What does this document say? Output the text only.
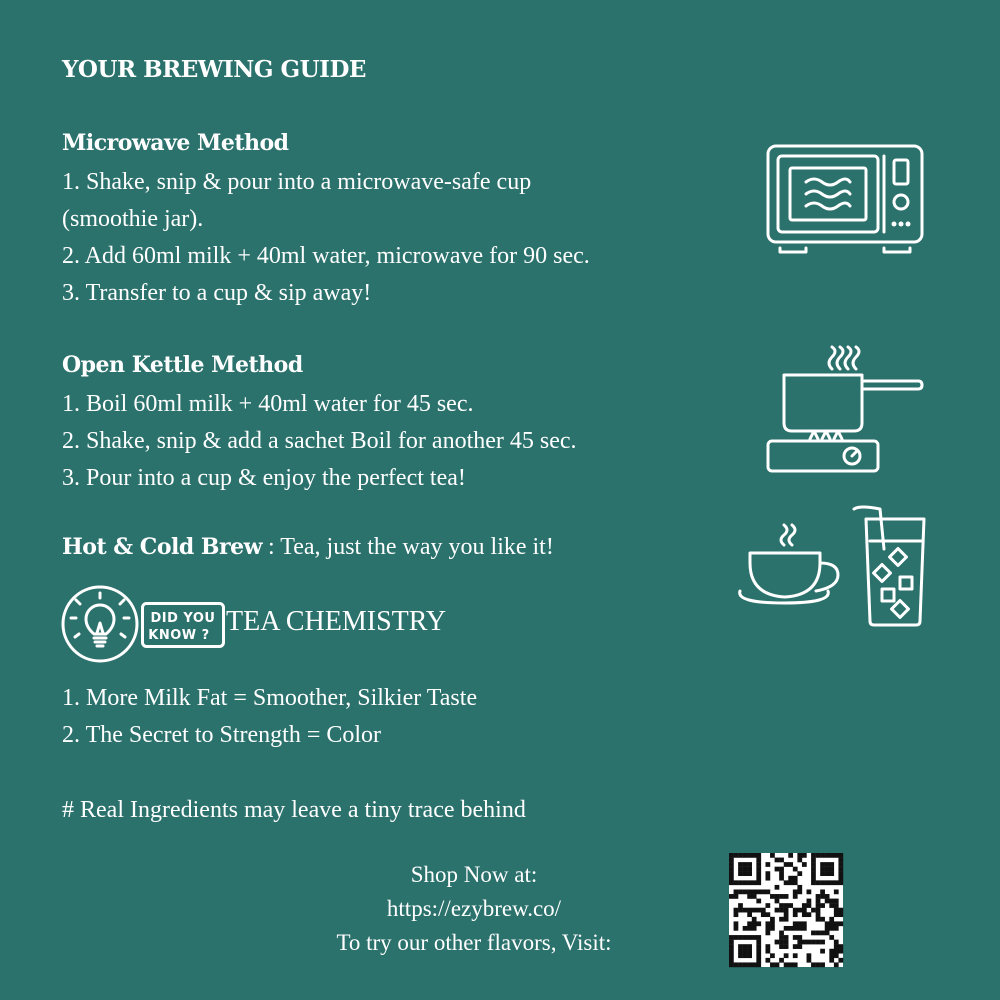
YOUR BREWING GUIDE
Microwave Method
1. Shake, snip & pour into a microwave-safe cup
(smoothie jar).
2. Add 60ml milk + 40ml water, microwave for 90 sec.
3. Transfer to a cup & sip away!
Open Kettle Method
1. Boil 60ml milk + 40ml water for 45 sec.
2. Shake, snip & add a sachet Boil for another 45 sec.
3. Pour into a cup & enjoy the perfect tea!
Hot & Cold Brew : Tea, just the way you like it!
DID YOU
KNOW ? TEA CHEMISTRY
1. More Milk Fat = Smoother, Silkier Taste
2. The Secret to Strength = Color
# Real Ingredients may leave a tiny trace behind
Shop Now at:
https://ezybrew.co/
To try our other flavors, Visit:
